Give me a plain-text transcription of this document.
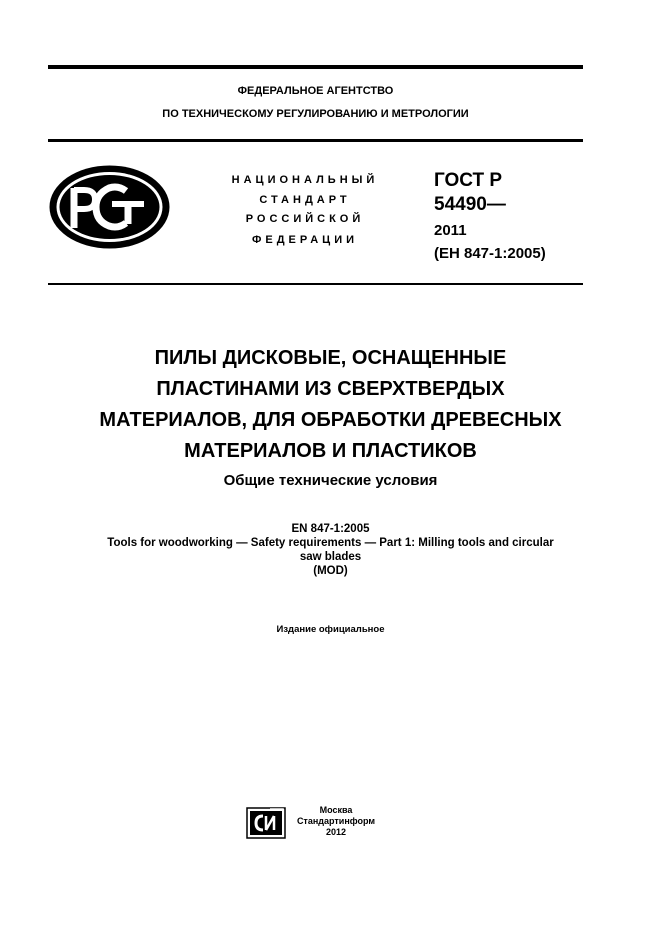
ФЕДЕРАЛЬНОЕ АГЕНТСТВО
ПО ТЕХНИЧЕСКОМУ РЕГУЛИРОВАНИЮ И МЕТРОЛОГИИ
НАЦИОНАЛЬНЫЙ
СТАНДАРТ
РОССИЙСКОЙ
ФЕДЕРАЦИИ
ГОСТ Р
54490—
2011
(ЕН 847-1:2005)
ПИЛЫ ДИСКОВЫЕ, ОСНАЩЕННЫЕ
ПЛАСТИНАМИ ИЗ СВЕРХТВЕРДЫХ
МАТЕРИАЛОВ, ДЛЯ ОБРАБОТКИ ДРЕВЕСНЫХ
МАТЕРИАЛОВ И ПЛАСТИКОВ
Общие технические условия
EN 847-1:2005
Tools for woodworking — Safety requirements — Part 1: Milling tools and circular
saw blades
(MOD)
Издание официальное
Москва
Стандартинформ
2012
